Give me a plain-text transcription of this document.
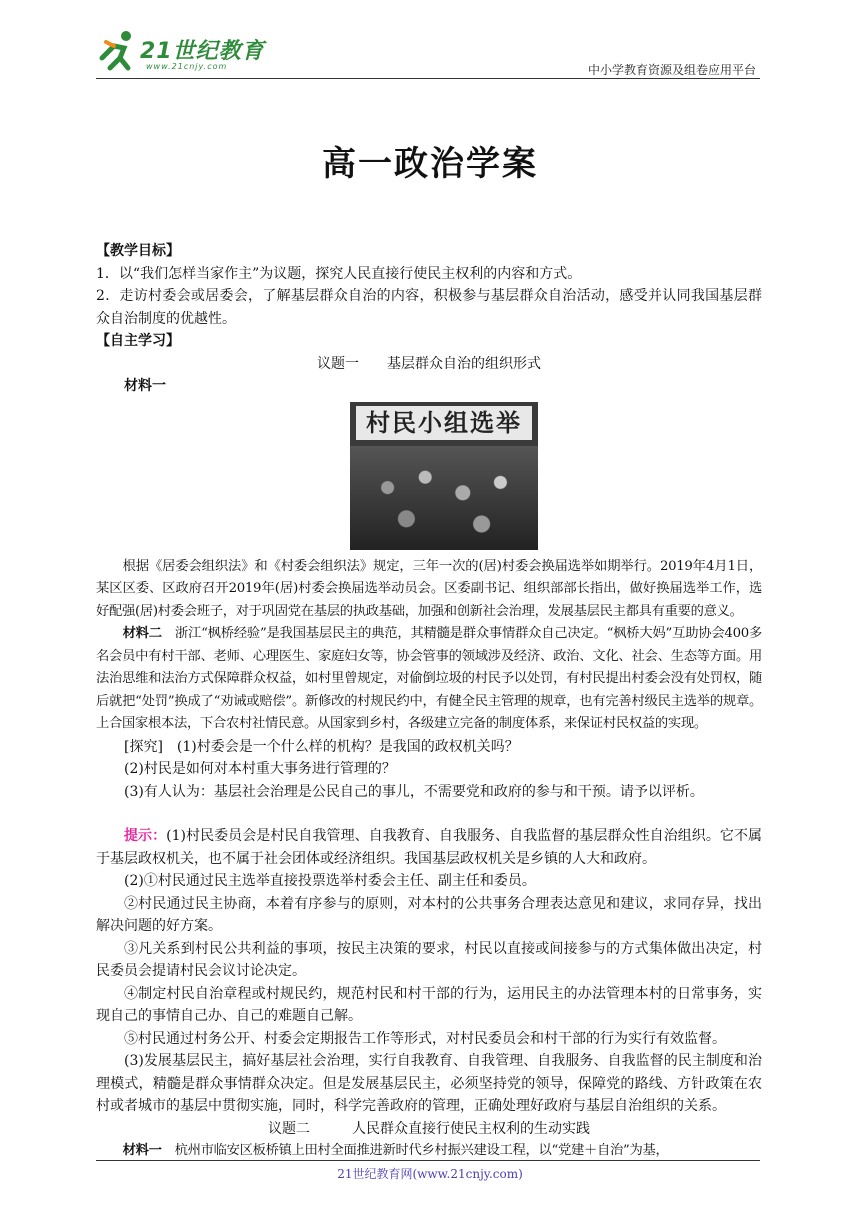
21世纪教育
www.21cnjy.com	中小学教育资源及组卷应用平台
高一政治学案

【教学目标】

1．以“我们怎样当家作主”为议题，探究人民直接行使民主权利的内容和方式。

2．走访村委会或居委会，了解基层群众自治的内容，积极参与基层群众自治活动，感受并认同我国基层群众自治制度的优越性。

【自主学习】

议题一　　基层群众自治的组织形式

材料一

村民小组选举

根据《居委会组织法》和《村委会组织法》规定，三年一次的(居)村委会换届选举如期举行。2019年4月1日，某区区委、区政府召开2019年(居)村委会换届选举动员会。区委副书记、组织部部长指出，做好换届选举工作，选好配强(居)村委会班子，对于巩固党在基层的执政基础，加强和创新社会治理，发展基层民主都具有重要的意义。

材料二　浙江“枫桥经验”是我国基层民主的典范，其精髓是群众事情群众自己决定。“枫桥大妈”互助协会400多名会员中有村干部、老师、心理医生、家庭妇女等，协会管事的领域涉及经济、政治、文化、社会、生态等方面。用法治思维和法治方式保障群众权益，如村里曾规定，对偷倒垃圾的村民予以处罚，有村民提出村委会没有处罚权，随后就把“处罚”换成了“劝诫或赔偿”。新修改的村规民约中，有健全民主管理的规章，也有完善村级民主选举的规章。上合国家根本法，下合农村社情民意。从国家到乡村，各级建立完备的制度体系，来保证村民权益的实现。

[探究]　(1)村委会是一个什么样的机构？是我国的政权机关吗？

(2)村民是如何对本村重大事务进行管理的？

(3)有人认为：基层社会治理是公民自己的事儿，不需要党和政府的参与和干预。请予以评析。

提示：(1)村民委员会是村民自我管理、自我教育、自我服务、自我监督的基层群众性自治组织。它不属于基层政权机关，也不属于社会团体或经济组织。我国基层政权机关是乡镇的人大和政府。

(2)①村民通过民主选举直接投票选举村委会主任、副主任和委员。

②村民通过民主协商，本着有序参与的原则，对本村的公共事务合理表达意见和建议，求同存异，找出解决问题的好方案。

③凡关系到村民公共利益的事项，按民主决策的要求，村民以直接或间接参与的方式集体做出决定，村民委员会提请村民会议讨论决定。

④制定村民自治章程或村规民约，规范村民和村干部的行为，运用民主的办法管理本村的日常事务，实现自己的事情自己办、自己的难题自己解。

⑤村民通过村务公开、村委会定期报告工作等形式，对村民委员会和村干部的行为实行有效监督。

(3)发展基层民主，搞好基层社会治理，实行自我教育、自我管理、自我服务、自我监督的民主制度和治理模式，精髓是群众事情群众决定。但是发展基层民主，必须坚持党的领导，保障党的路线、方针政策在农村或者城市的基层中贯彻实施，同时，科学完善政府的管理，正确处理好政府与基层自治组织的关系。

议题二　　　人民群众直接行使民主权利的生动实践

材料一　杭州市临安区板桥镇上田村全面推进新时代乡村振兴建设工程，以“党建＋自治”为基，

21世纪教育网(www.21cnjy.com)
